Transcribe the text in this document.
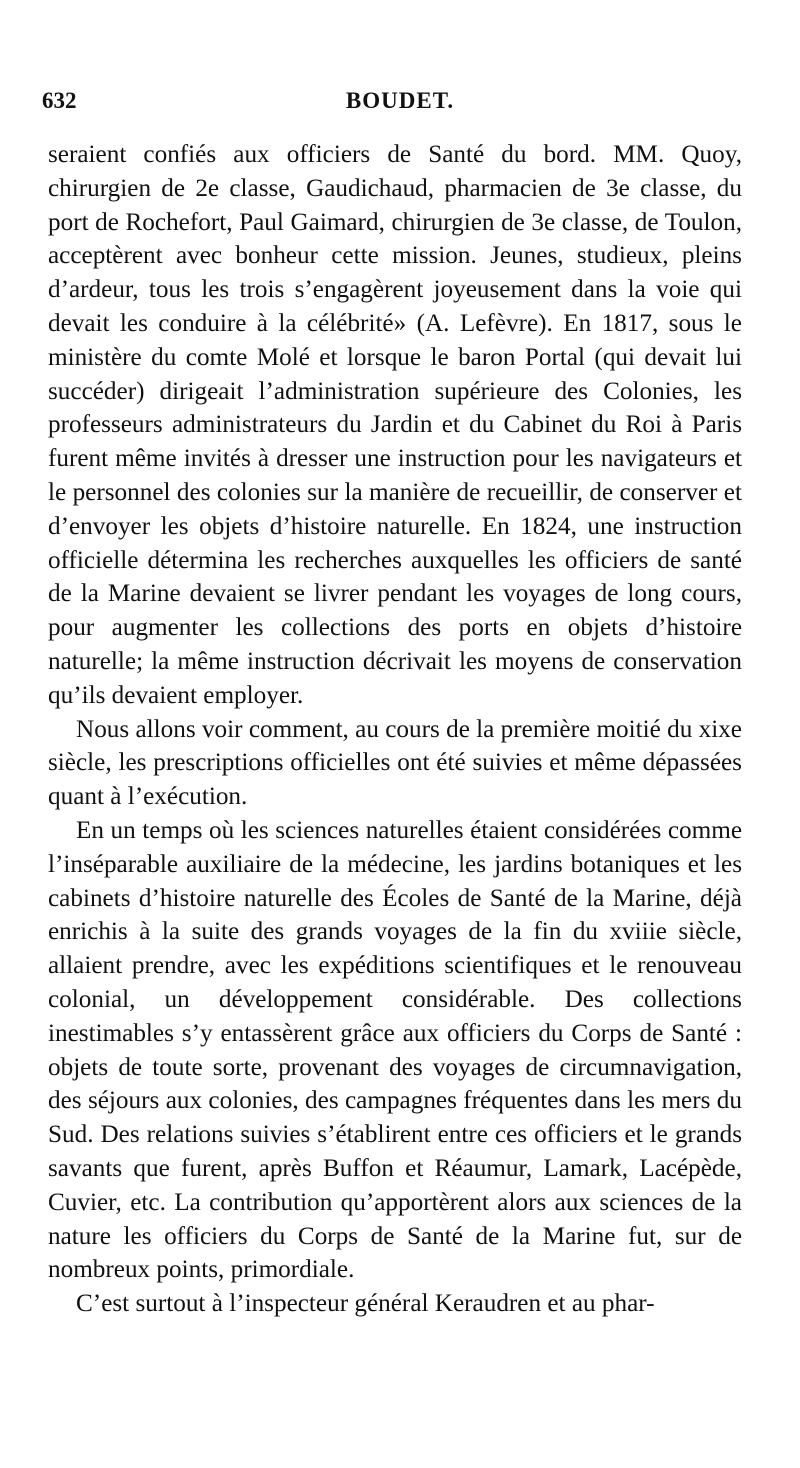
632	BOUDET.

seraient confiés aux officiers de Santé du bord. MM. Quoy, chirurgien de 2e classe, Gaudichaud, pharmacien de 3e classe, du port de Rochefort, Paul Gaimard, chirurgien de 3e classe, de Toulon, acceptèrent avec bonheur cette mission. Jeunes, studieux, pleins d’ardeur, tous les trois s’engagèrent joyeusement dans la voie qui devait les conduire à la célébrité» (A. Lefèvre). En 1817, sous le ministère du comte Molé et lorsque le baron Portal (qui devait lui succéder) dirigeait l’administration supérieure des Colonies, les professeurs administrateurs du Jardin et du Cabinet du Roi à Paris furent même invités à dresser une instruction pour les navigateurs et le personnel des colonies sur la manière de recueillir, de conserver et d’envoyer les objets d’histoire naturelle. En 1824, une instruction officielle détermina les recherches auxquelles les officiers de santé de la Marine devaient se livrer pendant les voyages de long cours, pour augmenter les collections des ports en objets d’histoire naturelle; la même instruction décrivait les moyens de conservation qu’ils devaient employer.

Nous allons voir comment, au cours de la première moitié du xixe siècle, les prescriptions officielles ont été suivies et même dépassées quant à l’exécution.

En un temps où les sciences naturelles étaient considérées comme l’inséparable auxiliaire de la médecine, les jardins botaniques et les cabinets d’histoire naturelle des Écoles de Santé de la Marine, déjà enrichis à la suite des grands voyages de la fin du xviiie siècle, allaient prendre, avec les expéditions scientifiques et le renouveau colonial, un développement considérable. Des collections inestimables s’y entassèrent grâce aux officiers du Corps de Santé : objets de toute sorte, provenant des voyages de circumnavigation, des séjours aux colonies, des campagnes fréquentes dans les mers du Sud. Des relations suivies s’établirent entre ces officiers et le grands savants que furent, après Buffon et Réaumur, Lamark, Lacépède, Cuvier, etc. La contribution qu’apportèrent alors aux sciences de la nature les officiers du Corps de Santé de la Marine fut, sur de nombreux points, primordiale.

C’est surtout à l’inspecteur général Keraudren et au phar-
